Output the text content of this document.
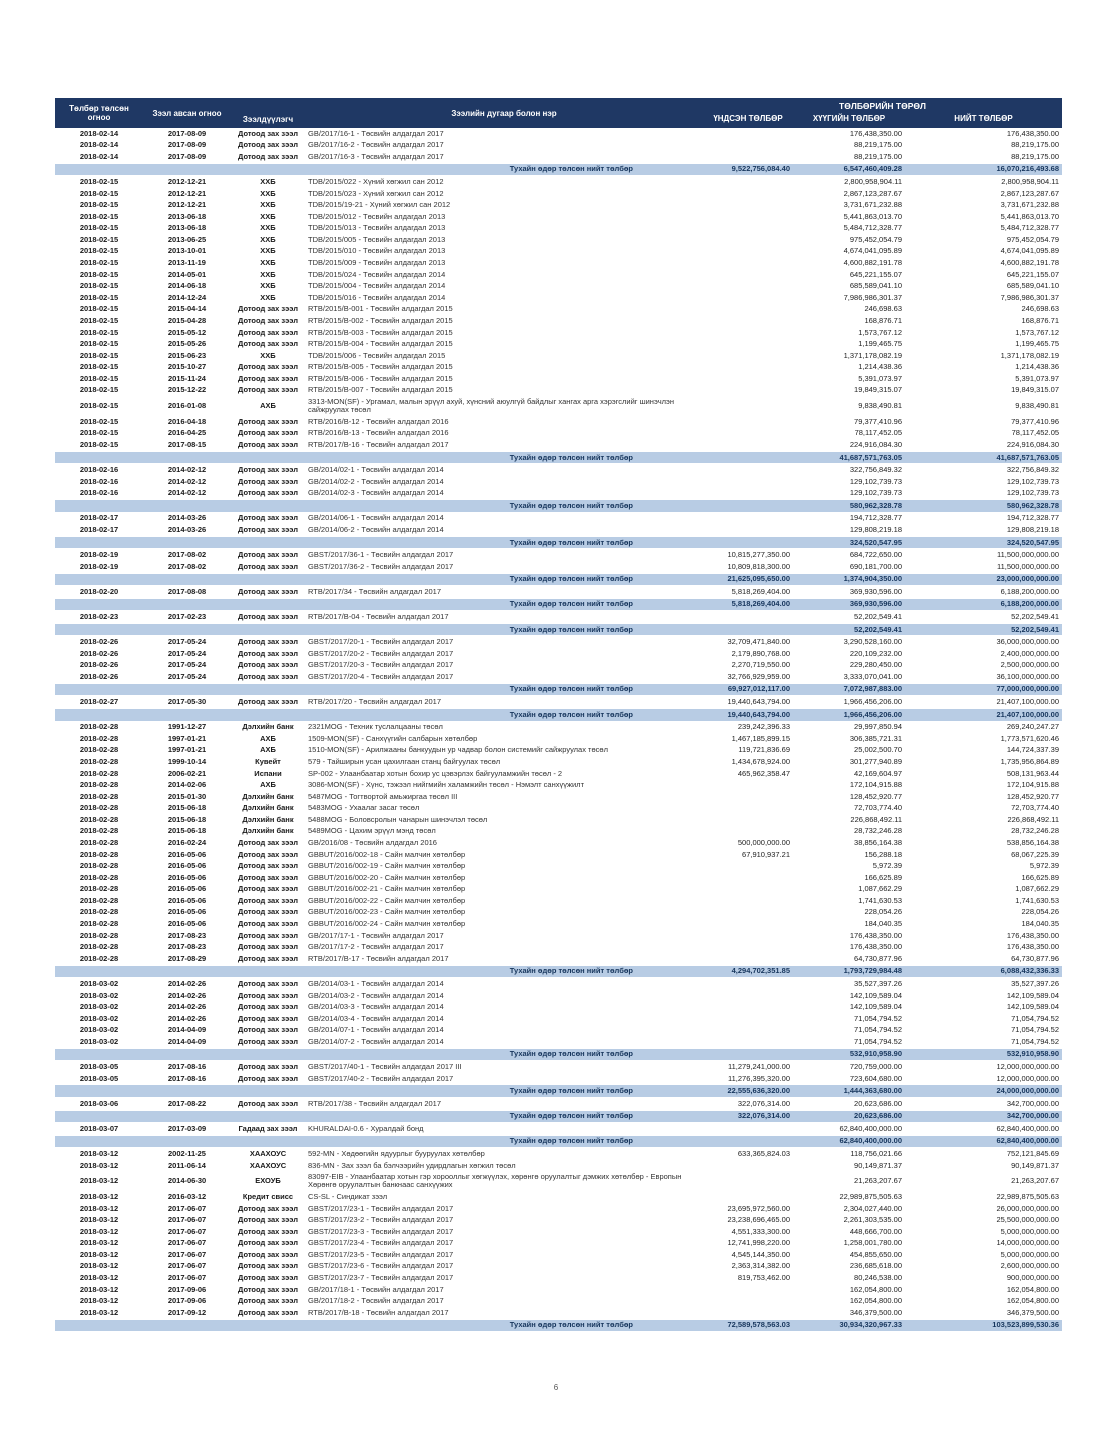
Төлбөр төлсөн огноо	Зээл авсан огноо	Зээлдүүлэгч	Зээлийн дугаар болон нэр	ТӨЛБӨРИЙН ТӨРӨЛ		
				ҮНДСЭН ТӨЛБӨР	ХҮҮГИЙН ТӨЛБӨР	НИЙТ ТӨЛБӨР
2018-02-14	2017-08-09	Дотоод зах зээл	GB/2017/16-1 - Төсвийн алдагдал 2017		176,438,350.00	176,438,350.00
2018-02-14	2017-08-09	Дотоод зах зээл	GB/2017/16-2 - Төсвийн алдагдал 2017		88,219,175.00	88,219,175.00
2018-02-14	2017-08-09	Дотоод зах зээл	GB/2017/16-3 - Төсвийн алдагдал 2017		88,219,175.00	88,219,175.00
Тухайн өдөр төлсөн нийт төлбөр				9,522,756,084.40	6,547,460,409.28	16,070,216,493.68
2018-02-15	2012-12-21	ХХБ	TDB/2015/022 - Хүний хөгжил сан 2012		2,800,958,904.11	2,800,958,904.11
2018-02-15	2012-12-21	ХХБ	TDB/2015/023 - Хүний хөгжил сан 2012		2,867,123,287.67	2,867,123,287.67
2018-02-15	2012-12-21	ХХБ	TDB/2015/19-21 - Хүний хөгжил сан 2012		3,731,671,232.88	3,731,671,232.88
2018-02-15	2013-06-18	ХХБ	TDB/2015/012 - Төсвийн алдагдал 2013		5,441,863,013.70	5,441,863,013.70
2018-02-15	2013-06-18	ХХБ	TDB/2015/013 - Төсвийн алдагдал 2013		5,484,712,328.77	5,484,712,328.77
2018-02-15	2013-06-25	ХХБ	TDB/2015/005 - Төсвийн алдагдал 2013		975,452,054.79	975,452,054.79
2018-02-15	2013-10-01	ХХБ	TDB/2015/010 - Төсвийн алдагдал 2013		4,674,041,095.89	4,674,041,095.89
2018-02-15	2013-11-19	ХХБ	TDB/2015/009 - Төсвийн алдагдал 2013		4,600,882,191.78	4,600,882,191.78
2018-02-15	2014-05-01	ХХБ	TDB/2015/024 - Төсвийн алдагдал 2014		645,221,155.07	645,221,155.07
2018-02-15	2014-06-18	ХХБ	TDB/2015/004 - Төсвийн алдагдал 2014		685,589,041.10	685,589,041.10
2018-02-15	2014-12-24	ХХБ	TDB/2015/016 - Төсвийн алдагдал 2014		7,986,986,301.37	7,986,986,301.37
2018-02-15	2015-04-14	Дотоод зах зээл	RTB/2015/B-001 - Төсвийн алдагдал 2015		246,698.63	246,698.63
2018-02-15	2015-04-28	Дотоод зах зээл	RTB/2015/B-002 - Төсвийн алдагдал 2015		168,876.71	168,876.71
2018-02-15	2015-05-12	Дотоод зах зээл	RTB/2015/B-003 - Төсвийн алдагдал 2015		1,573,767.12	1,573,767.12
2018-02-15	2015-05-26	Дотоод зах зээл	RTB/2015/B-004 - Төсвийн алдагдал 2015		1,199,465.75	1,199,465.75
2018-02-15	2015-06-23	ХХБ	TDB/2015/006 - Төсвийн алдагдал 2015		1,371,178,082.19	1,371,178,082.19
2018-02-15	2015-10-27	Дотоод зах зээл	RTB/2015/B-005 - Төсвийн алдагдал 2015		1,214,438.36	1,214,438.36
2018-02-15	2015-11-24	Дотоод зах зээл	RTB/2015/B-006 - Төсвийн алдагдал 2015		5,391,073.97	5,391,073.97
2018-02-15	2015-12-22	Дотоод зах зээл	RTB/2015/B-007 - Төсвийн алдагдал 2015		19,849,315.07	19,849,315.07
2018-02-15	2016-01-08	АХБ	3313-MON(SF) - Ургамал, малын эрүүл ахуй, хүнсний аюулгүй байдлыг хангах арга хэрэгслийг шинэчлэн сайжруулах төсөл		9,838,490.81	9,838,490.81
2018-02-15	2016-04-18	Дотоод зах зээл	RTB/2016/B-12 - Төсвийн алдагдал 2016		79,377,410.96	79,377,410.96
2018-02-15	2016-04-25	Дотоод зах зээл	RTB/2016/B-13 - Төсвийн алдагдал 2016		78,117,452.05	78,117,452.05
2018-02-15	2017-08-15	Дотоод зах зээл	RTB/2017/B-16 - Төсвийн алдагдал 2017		224,916,084.30	224,916,084.30
Тухайн өдөр төлсөн нийт төлбөр					41,687,571,763.05	41,687,571,763.05
2018-02-16	2014-02-12	Дотоод зах зээл	GB/2014/02-1 - Төсвийн алдагдал 2014		322,756,849.32	322,756,849.32
2018-02-16	2014-02-12	Дотоод зах зээл	GB/2014/02-2 - Төсвийн алдагдал 2014		129,102,739.73	129,102,739.73
2018-02-16	2014-02-12	Дотоод зах зээл	GB/2014/02-3 - Төсвийн алдагдал 2014		129,102,739.73	129,102,739.73
Тухайн өдөр төлсөн нийт төлбөр					580,962,328.78	580,962,328.78
2018-02-17	2014-03-26	Дотоод зах зээл	GB/2014/06-1 - Төсвийн алдагдал 2014		194,712,328.77	194,712,328.77
2018-02-17	2014-03-26	Дотоод зах зээл	GB/2014/06-2 - Төсвийн алдагдал 2014		129,808,219.18	129,808,219.18
Тухайн өдөр төлсөн нийт төлбөр					324,520,547.95	324,520,547.95
2018-02-19	2017-08-02	Дотоод зах зээл	GBST/2017/36-1 - Төсвийн алдагдал 2017	10,815,277,350.00	684,722,650.00	11,500,000,000.00
2018-02-19	2017-08-02	Дотоод зах зээл	GBST/2017/36-2 - Төсвийн алдагдал 2017	10,809,818,300.00	690,181,700.00	11,500,000,000.00
Тухайн өдөр төлсөн нийт төлбөр				21,625,095,650.00	1,374,904,350.00	23,000,000,000.00
2018-02-20	2017-08-08	Дотоод зах зээл	RTB/2017/34 - Төсвийн алдагдал 2017	5,818,269,404.00	369,930,596.00	6,188,200,000.00
Тухайн өдөр төлсөн нийт төлбөр				5,818,269,404.00	369,930,596.00	6,188,200,000.00
2018-02-23	2017-02-23	Дотоод зах зээл	RTB/2017/B-04 - Төсвийн алдагдал 2017		52,202,549.41	52,202,549.41
Тухайн өдөр төлсөн нийт төлбөр					52,202,549.41	52,202,549.41
2018-02-26	2017-05-24	Дотоод зах зээл	GBST/2017/20-1 - Төсвийн алдагдал 2017	32,709,471,840.00	3,290,528,160.00	36,000,000,000.00
2018-02-26	2017-05-24	Дотоод зах зээл	GBST/2017/20-2 - Төсвийн алдагдал 2017	2,179,890,768.00	220,109,232.00	2,400,000,000.00
2018-02-26	2017-05-24	Дотоод зах зээл	GBST/2017/20-3 - Төсвийн алдагдал 2017	2,270,719,550.00	229,280,450.00	2,500,000,000.00
2018-02-26	2017-05-24	Дотоод зах зээл	GBST/2017/20-4 - Төсвийн алдагдал 2017	32,766,929,959.00	3,333,070,041.00	36,100,000,000.00
Тухайн өдөр төлсөн нийт төлбөр				69,927,012,117.00	7,072,987,883.00	77,000,000,000.00
2018-02-27	2017-05-30	Дотоод зах зээл	RTB/2017/20 - Төсвийн алдагдал 2017	19,440,643,794.00	1,966,456,206.00	21,407,100,000.00
Тухайн өдөр төлсөн нийт төлбөр				19,440,643,794.00	1,966,456,206.00	21,407,100,000.00
2018-02-28	1991-12-27	Дэлхийн банк	2321MOG - Техник туслалцааны төсөл	239,242,396.33	29,997,850.94	269,240,247.27
2018-02-28	1997-01-21	АХБ	1509-MON(SF) - Санхүүгийн салбарын хөтөлбөр	1,467,185,899.15	306,385,721.31	1,773,571,620.46
2018-02-28	1997-01-21	АХБ	1510-MON(SF) - Арилжааны банкуудын ур чадвар болон системийг сайжруулах төсөл	119,721,836.69	25,002,500.70	144,724,337.39
2018-02-28	1999-10-14	Кувейт	579 - Тайширын усан цахилгаан станц байгуулах төсөл	1,434,678,924.00	301,277,940.89	1,735,956,864.89
2018-02-28	2006-02-21	Испани	SP-002 - Улаанбаатар хотын бохир ус цэвэрлэх байгууламжийн төсөл - 2	465,962,358.47	42,169,604.97	508,131,963.44
2018-02-28	2014-02-06	АХБ	3086-MON(SF) - Хүнс, тэжээл нийгмийн халамжийн төсөл - Нэмэлт санхүүжилт		172,104,915.88	172,104,915.88
2018-02-28	2015-01-30	Дэлхийн банк	5487MOG - Тогтвортой амьжиргаа төсөл III		128,452,920.77	128,452,920.77
2018-02-28	2015-06-18	Дэлхийн банк	5483MOG - Ухаалаг засаг төсөл		72,703,774.40	72,703,774.40
2018-02-28	2015-06-18	Дэлхийн банк	5488MOG - Боловсролын чанарын шинэчлэл төсөл		226,868,492.11	226,868,492.11
2018-02-28	2015-06-18	Дэлхийн банк	5489MOG - Цахим эрүүл мэнд төсөл		28,732,246.28	28,732,246.28
2018-02-28	2016-02-24	Дотоод зах зээл	GB/2016/08 - Төсвийн алдагдал 2016	500,000,000.00	38,856,164.38	538,856,164.38
2018-02-28	2016-05-06	Дотоод зах зээл	GBBUT/2016/002-18 - Сайн малчин хөтөлбөр	67,910,937.21	156,288.18	68,067,225.39
2018-02-28	2016-05-06	Дотоод зах зээл	GBBUT/2016/002-19 - Сайн малчин хөтөлбөр		5,972.39	5,972.39
2018-02-28	2016-05-06	Дотоод зах зээл	GBBUT/2016/002-20 - Сайн малчин хөтөлбөр		166,625.89	166,625.89
2018-02-28	2016-05-06	Дотоод зах зээл	GBBUT/2016/002-21 - Сайн малчин хөтөлбөр		1,087,662.29	1,087,662.29
2018-02-28	2016-05-06	Дотоод зах зээл	GBBUT/2016/002-22 - Сайн малчин хөтөлбөр		1,741,630.53	1,741,630.53
2018-02-28	2016-05-06	Дотоод зах зээл	GBBUT/2016/002-23 - Сайн малчин хөтөлбөр		228,054.26	228,054.26
2018-02-28	2016-05-06	Дотоод зах зээл	GBBUT/2016/002-24 - Сайн малчин хөтөлбөр		184,040.35	184,040.35
2018-02-28	2017-08-23	Дотоод зах зээл	GB/2017/17-1 - Төсвийн алдагдал 2017		176,438,350.00	176,438,350.00
2018-02-28	2017-08-23	Дотоод зах зээл	GB/2017/17-2 - Төсвийн алдагдал 2017		176,438,350.00	176,438,350.00
2018-02-28	2017-08-29	Дотоод зах зээл	RTB/2017/B-17 - Төсвийн алдагдал 2017		64,730,877.96	64,730,877.96
Тухайн өдөр төлсөн нийт төлбөр				4,294,702,351.85	1,793,729,984.48	6,088,432,336.33
2018-03-02	2014-02-26	Дотоод зах зээл	GB/2014/03-1 - Төсвийн алдагдал 2014		35,527,397.26	35,527,397.26
2018-03-02	2014-02-26	Дотоод зах зээл	GB/2014/03-2 - Төсвийн алдагдал 2014		142,109,589.04	142,109,589.04
2018-03-02	2014-02-26	Дотоод зах зээл	GB/2014/03-3 - Төсвийн алдагдал 2014		142,109,589.04	142,109,589.04
2018-03-02	2014-02-26	Дотоод зах зээл	GB/2014/03-4 - Төсвийн алдагдал 2014		71,054,794.52	71,054,794.52
2018-03-02	2014-04-09	Дотоод зах зээл	GB/2014/07-1 - Төсвийн алдагдал 2014		71,054,794.52	71,054,794.52
2018-03-02	2014-04-09	Дотоод зах зээл	GB/2014/07-2 - Төсвийн алдагдал 2014		71,054,794.52	71,054,794.52
Тухайн өдөр төлсөн нийт төлбөр					532,910,958.90	532,910,958.90
2018-03-05	2017-08-16	Дотоод зах зээл	GBST/2017/40-1 - Төсвийн алдагдал 2017 III	11,279,241,000.00	720,759,000.00	12,000,000,000.00
2018-03-05	2017-08-16	Дотоод зах зээл	GBST/2017/40-2 - Төсвийн алдагдал 2017	11,276,395,320.00	723,604,680.00	12,000,000,000.00
Тухайн өдөр төлсөн нийт төлбөр				22,555,636,320.00	1,444,363,680.00	24,000,000,000.00
2018-03-06	2017-08-22	Дотоод зах зээл	RTB/2017/38 - Төсвийн алдагдал 2017	322,076,314.00	20,623,686.00	342,700,000.00
Тухайн өдөр төлсөн нийт төлбөр				322,076,314.00	20,623,686.00	342,700,000.00
2018-03-07	2017-03-09	Гадаад зах зээл	KHURALDAI-0.6 - Хуралдай бонд		62,840,400,000.00	62,840,400,000.00
Тухайн өдөр төлсөн нийт төлбөр					62,840,400,000.00	62,840,400,000.00
2018-03-12	2002-11-25	ХААХОУС	592-MN - Хөдөөгийн ядуурлыг бууруулах хөтөлбөр	633,365,824.03	118,756,021.66	752,121,845.69
2018-03-12	2011-06-14	ХААХОУС	836-MN - Зах зээл ба бэлчээрийн удирдлагын хөгжил төсөл		90,149,871.37	90,149,871.37
2018-03-12	2014-06-30	ЕХОУБ	83097-EIB - Улаанбаатар хотын гэр хорооллыг хөгжүүлэх, хөрөнгө оруулалтыг дэмжих хөтөлбөр - Европын Хөрөнгө оруулалтын банкнаас санхүүжих		21,263,207.67	21,263,207.67
2018-03-12	2016-03-12	Кредит свисс	CS-SL - Синдикат зээл		22,989,875,505.63	22,989,875,505.63
2018-03-12	2017-06-07	Дотоод зах зээл	GBST/2017/23-1 - Төсвийн алдагдал 2017	23,695,972,560.00	2,304,027,440.00	26,000,000,000.00
2018-03-12	2017-06-07	Дотоод зах зээл	GBST/2017/23-2 - Төсвийн алдагдал 2017	23,238,696,465.00	2,261,303,535.00	25,500,000,000.00
2018-03-12	2017-06-07	Дотоод зах зээл	GBST/2017/23-3 - Төсвийн алдагдал 2017	4,551,333,300.00	448,666,700.00	5,000,000,000.00
2018-03-12	2017-06-07	Дотоод зах зээл	GBST/2017/23-4 - Төсвийн алдагдал 2017	12,741,998,220.00	1,258,001,780.00	14,000,000,000.00
2018-03-12	2017-06-07	Дотоод зах зээл	GBST/2017/23-5 - Төсвийн алдагдал 2017	4,545,144,350.00	454,855,650.00	5,000,000,000.00
2018-03-12	2017-06-07	Дотоод зах зээл	GBST/2017/23-6 - Төсвийн алдагдал 2017	2,363,314,382.00	236,685,618.00	2,600,000,000.00
2018-03-12	2017-06-07	Дотоод зах зээл	GBST/2017/23-7 - Төсвийн алдагдал 2017	819,753,462.00	80,246,538.00	900,000,000.00
2018-03-12	2017-09-06	Дотоод зах зээл	GB/2017/18-1 - Төсвийн алдагдал 2017		162,054,800.00	162,054,800.00
2018-03-12	2017-09-06	Дотоод зах зээл	GB/2017/18-2 - Төсвийн алдагдал 2017		162,054,800.00	162,054,800.00
2018-03-12	2017-09-12	Дотоод зах зээл	RTB/2017/B-18 - Төсвийн алдагдал 2017		346,379,500.00	346,379,500.00
Тухайн өдөр төлсөн нийт төлбөр				72,589,578,563.03	30,934,320,967.33	103,523,899,530.36
6
